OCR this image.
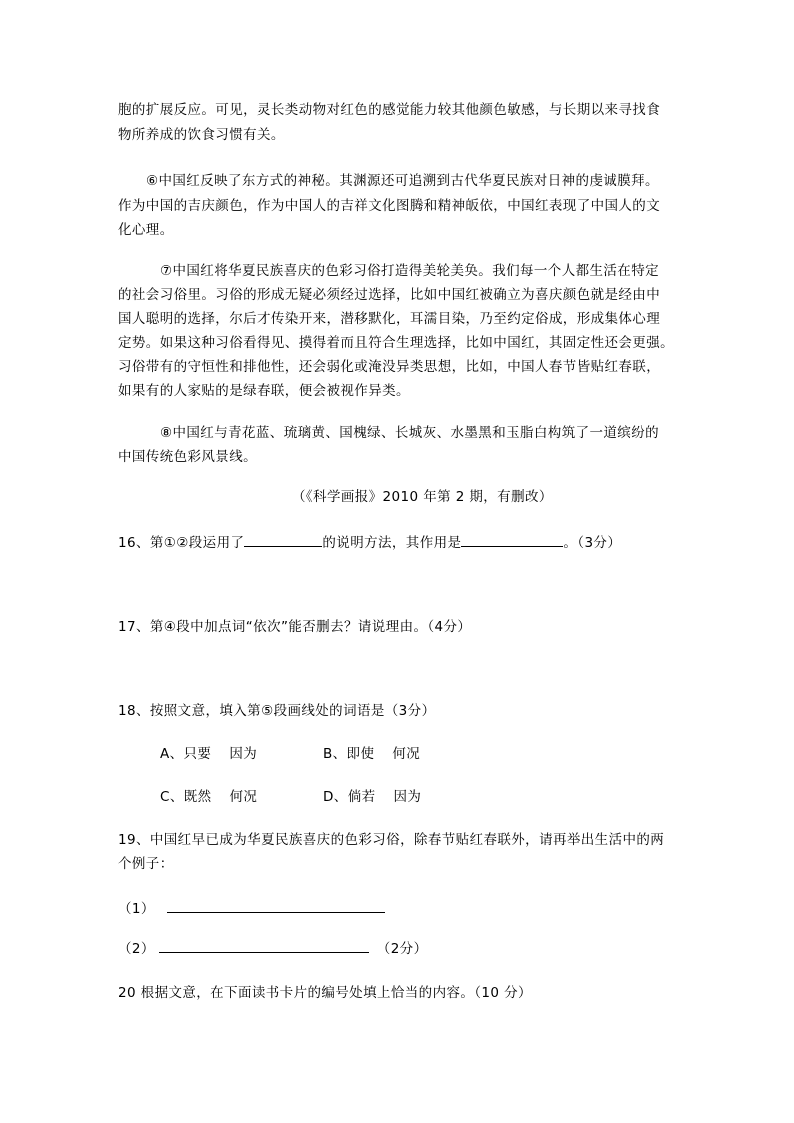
胞的扩展反应。可见，灵长类动物对红色的感觉能力较其他颜色敏感，与长期以来寻找食
物所养成的饮食习惯有关。
⑥中国红反映了东方式的神秘。其渊源还可追溯到古代华夏民族对日神的虔诚膜拜。
作为中国的吉庆颜色，作为中国人的吉祥文化图腾和精神皈依，中国红表现了中国人的文
化心理。
⑦中国红将华夏民族喜庆的色彩习俗打造得美轮美奂。我们每一个人都生活在特定
的社会习俗里。习俗的形成无疑必须经过选择，比如中国红被确立为喜庆颜色就是经由中
国人聪明的选择，尔后才传染开来，潜移默化，耳濡目染，乃至约定俗成，形成集体心理
定势。如果这种习俗看得见、摸得着而且符合生理选择，比如中国红，其固定性还会更强。
习俗带有的守恒性和排他性，还会弱化或淹没异类思想，比如，中国人春节皆贴红春联，
如果有的人家贴的是绿春联，便会被视作异类。
⑧中国红与青花蓝、琉璃黄、国槐绿、长城灰、水墨黑和玉脂白构筑了一道缤纷的
中国传统色彩风景线。
（《科学画报》2010 年第 2 期，有删改）
16、第①②段运用了	的说明方法，其作用是	。（3分）
17、第④段中加点词“依次”能否删去？请说理由。（4分）
18、按照文意，填入第⑤段画线处的词语是（3分）
A、只要 因为	B、即使 何况
C、既然 何况	D、倘若 因为
19、中国红早已成为华夏民族喜庆的色彩习俗，除春节贴红春联外，请再举出生活中的两
个例子：
（1）
（2）	（2分）
20 根据文意，在下面读书卡片的编号处填上恰当的内容。（10 分）
